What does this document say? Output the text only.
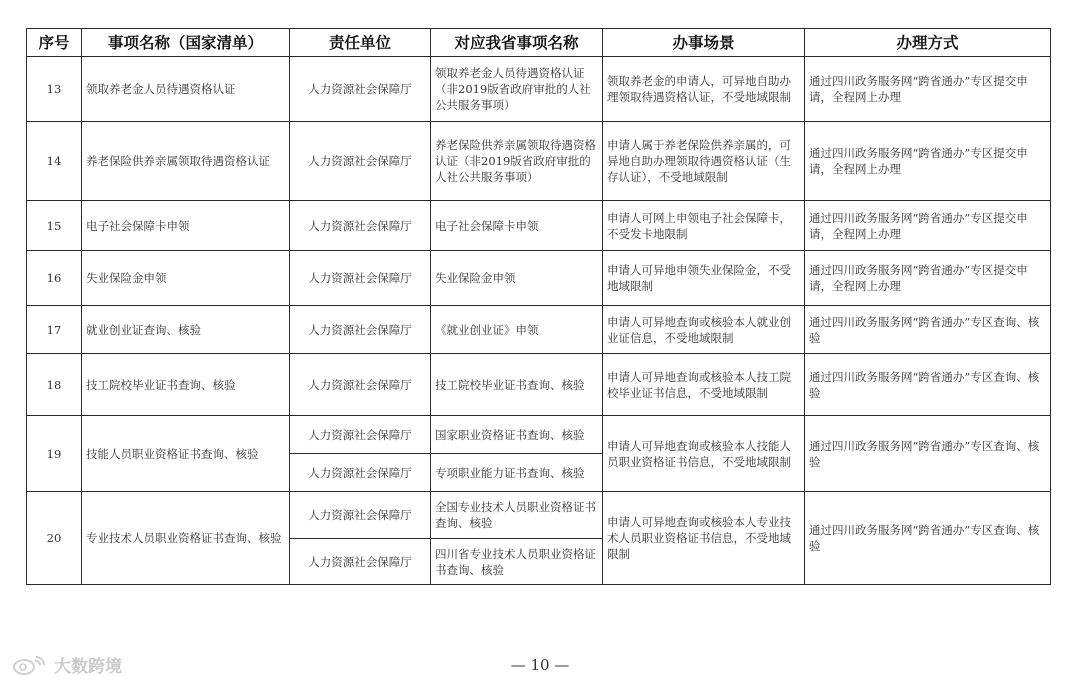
序号	事项名称（国家清单）	责任单位	对应我省事项名称	办事场景	办理方式
13	领取养老金人员待遇资格认证	人力资源社会保障厅	领取养老金人员待遇资格认证（非2019版省政府审批的人社公共服务事项）	领取养老金的申请人，可异地自助办理领取待遇资格认证，不受地域限制	通过四川政务服务网“跨省通办”专区提交申请，全程网上办理
14	养老保险供养亲属领取待遇资格认证	人力资源社会保障厅	养老保险供养亲属领取待遇资格认证（非2019版省政府审批的人社公共服务事项）	申请人属于养老保险供养亲属的，可异地自助办理领取待遇资格认证（生存认证），不受地域限制	通过四川政务服务网“跨省通办”专区提交申请，全程网上办理
15	电子社会保障卡申领	人力资源社会保障厅	电子社会保障卡申领	申请人可网上申领电子社会保障卡，不受发卡地限制	通过四川政务服务网“跨省通办”专区提交申请，全程网上办理
16	失业保险金申领	人力资源社会保障厅	失业保险金申领	申请人可异地申领失业保险金，不受地域限制	通过四川政务服务网“跨省通办”专区提交申请，全程网上办理
17	就业创业证查询、核验	人力资源社会保障厅	《就业创业证》申领	申请人可异地查询或核验本人就业创业证信息，不受地域限制	通过四川政务服务网“跨省通办”专区查询、核验
18	技工院校毕业证书查询、核验	人力资源社会保障厅	技工院校毕业证书查询、核验	申请人可异地查询或核验本人技工院校毕业证书信息，不受地域限制	通过四川政务服务网“跨省通办”专区查询、核验
19	技能人员职业资格证书查询、核验	人力资源社会保障厅	国家职业资格证书查询、核验	申请人可异地查询或核验本人技能人员职业资格证书信息，不受地域限制	通过四川政务服务网“跨省通办”专区查询、核验
		人力资源社会保障厅	专项职业能力证书查询、核验		
20	专业技术人员职业资格证书查询、核验	人力资源社会保障厅	全国专业技术人员职业资格证书查询、核验	申请人可异地查询或核验本人专业技术人员职业资格证书信息，不受地域限制	通过四川政务服务网“跨省通办”专区查询、核验
		人力资源社会保障厅	四川省专业技术人员职业资格证书查询、核验		
大数跨境	— 10 —
